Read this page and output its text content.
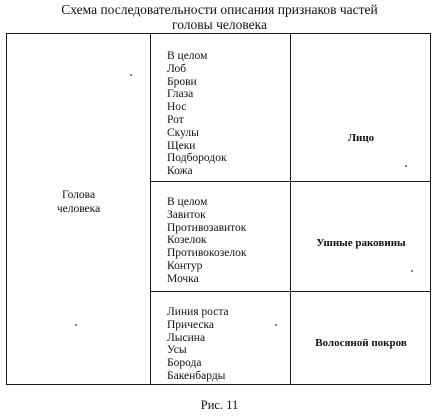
Схема последовательности описания признаков частей
головы человека
Голова
человека
В целом
Лоб
Брови
Глаза
Нос
Рот
Скулы
Щеки
Подбородок
Кожа
Лицо
В целом
Завиток
Противозавиток
Козелок
Противокозелок
Контур
Мочка
Ушные раковины
Линия роста
Прическа
Лысина
Усы
Борода
Бакенбарды
Волосяной покров
Рис. 11
